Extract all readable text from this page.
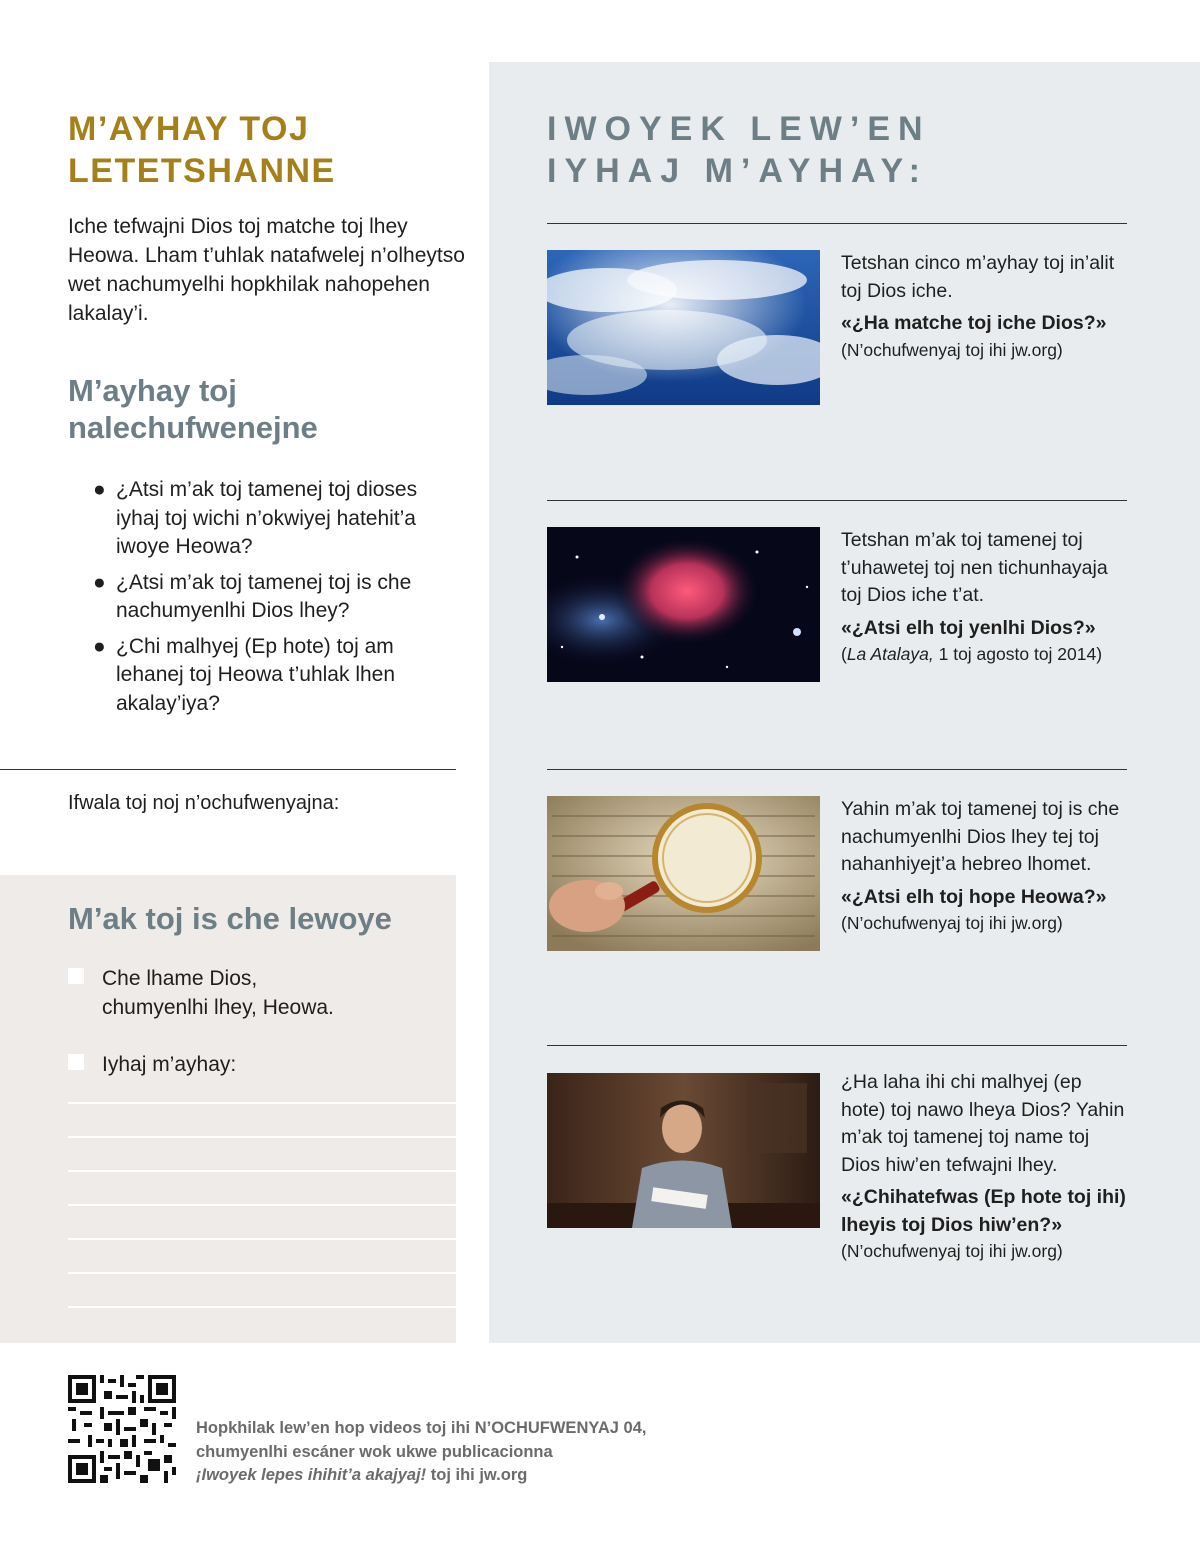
M’AYHAY TOJ
LETETSHANNE

Iche tefwajni Dios toj matche toj lhey Heowa. Lham t’uhlak natafwelej n’olheytso wet nachumyelhi hopkhilak nahopehen lakalay’i.

M’ayhay toj nalechufwenejne
● ¿Atsi m’ak toj tamenej toj dioses iyhaj toj wichi n’okwiyej hatehit’a iwoye Heowa?
● ¿Atsi m’ak toj tamenej toj is che nachumyenlhi Dios lhey?
● ¿Chi malhyej (Ep hote) toj am lehanej toj Heowa t’uhlak lhen akalay’iya?

Ifwala toj noj n’ochufwenyajna:

M’ak toj is che lewoye
Che lhame Dios,
chumyenlhi lhey, Heowa.
Iyhaj m’ayhay:
IWOYEK LEW’EN
IYHAJ M’AYHAY:

Tetshan cinco m’ayhay toj in’alit toj Dios iche.

«¿Ha matche toj iche Dios?»

(N’ochufwenyaj toj ihi jw.org)

Tetshan m’ak toj tamenej toj t’uhawetej toj nen tichunhayaja toj Dios iche t’at.

«¿Atsi elh toj yenlhi Dios?»

(La Atalaya, 1 toj agosto toj 2014)

Yahin m’ak toj tamenej toj is che nachumyenlhi Dios lhey tej toj nahanhiyejt’a hebreo lhomet.

«¿Atsi elh toj hope Heowa?»

(N’ochufwenyaj toj ihi jw.org)

¿Ha laha ihi chi malhyej (ep hote) toj nawo lheya Dios? Yahin m’ak toj tamenej toj name toj Dios hiw’en tefwajni lhey.

«¿Chihatefwas (Ep hote toj ihi) lheyis toj Dios hiw’en?»

(N’ochufwenyaj toj ihi jw.org)

Hopkhilak lew’en hop videos toj ihi N’OCHUFWENYAJ 04,
chumyenlhi escáner wok ukwe publicacionna
¡Iwoyek lepes ihihit’a akajyaj! toj ihi jw.org
